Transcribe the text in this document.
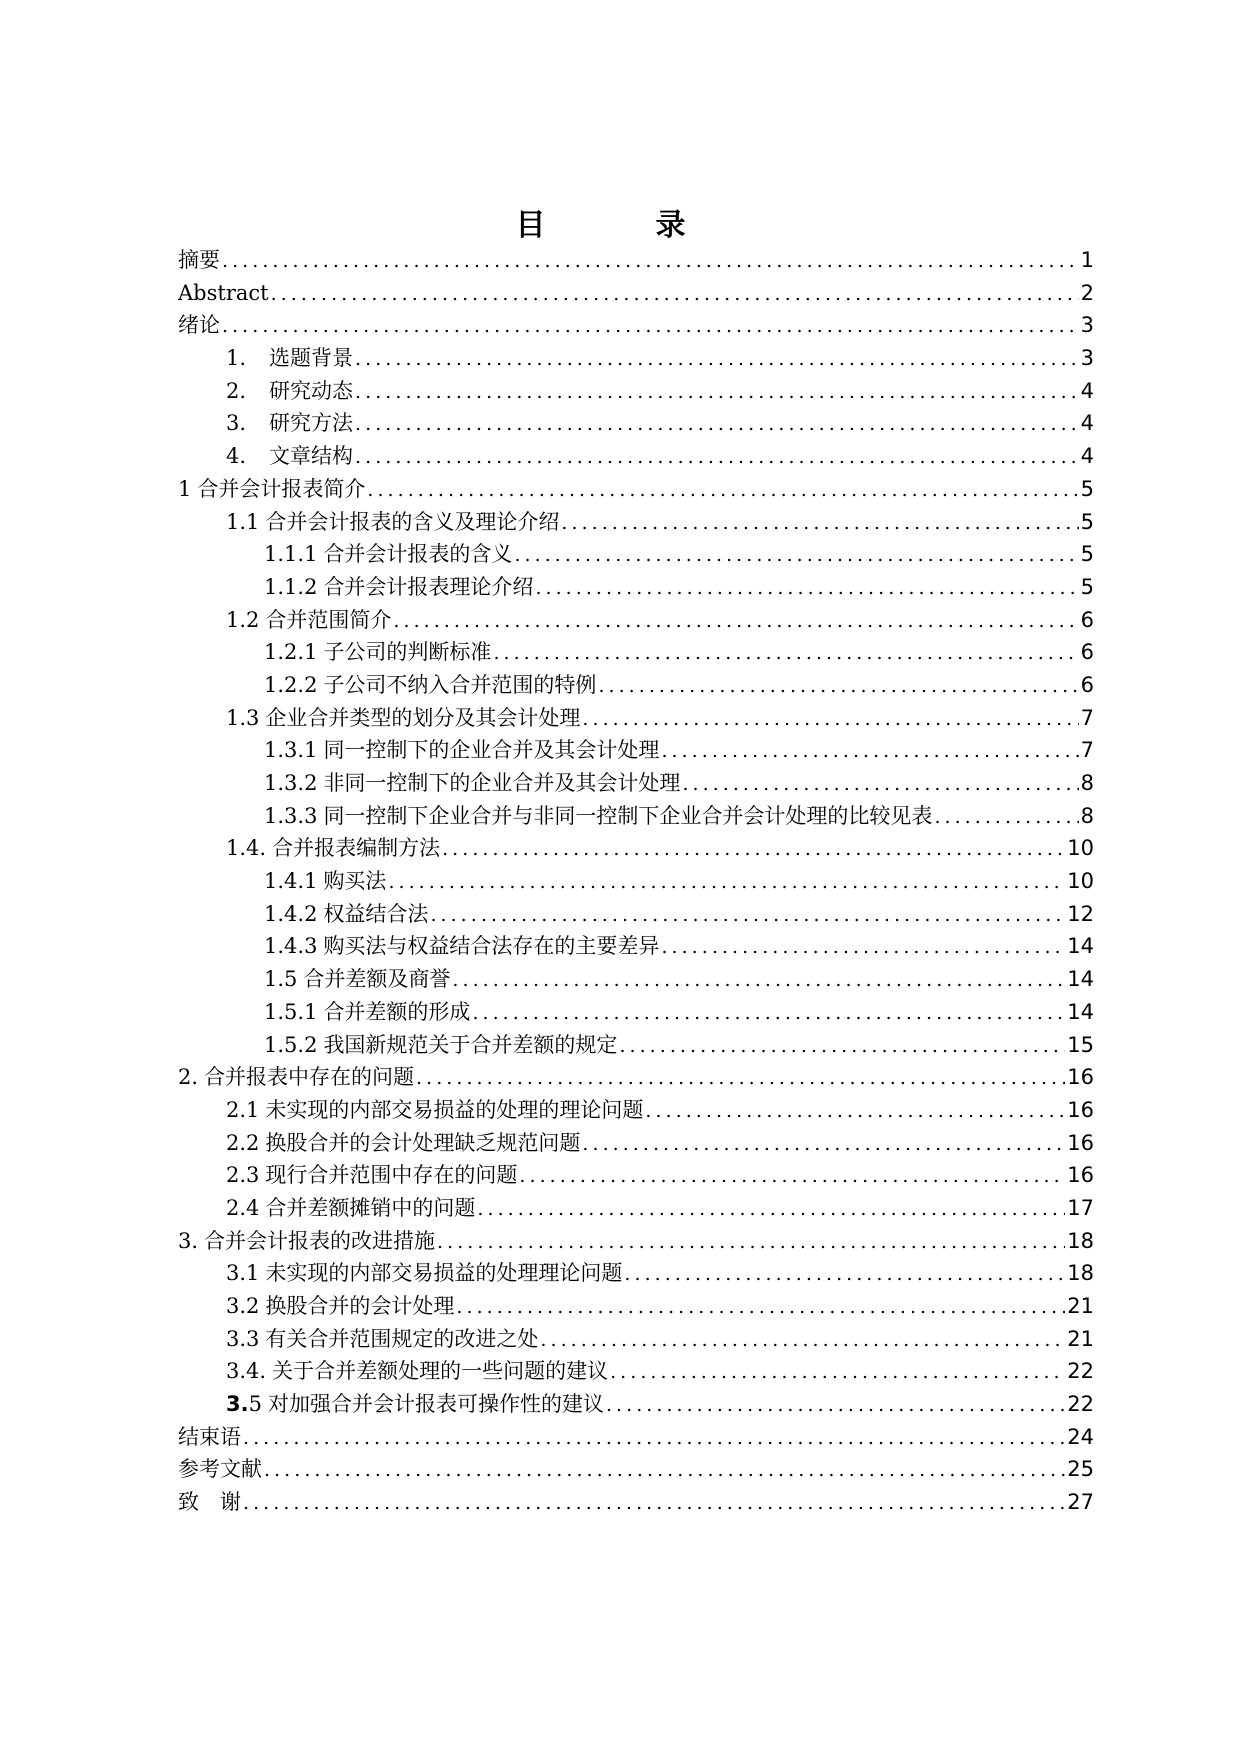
目　录
摘要 . . .	1
Abstract . . .	2
绪论 . . .	3
1. 选题背景 . . .	3
2. 研究动态 . . .	4
3. 研究方法 . . .	4
4. 文章结构 . . .	4
1 合并会计报表简介 . . .	5
1.1 合并会计报表的含义及理论介绍 . . .	5
1.1.1 合并会计报表的含义 . . .	5
1.1.2 合并会计报表理论介绍 . . .	5
1.2 合并范围简介 . . .	6
1.2.1 子公司的判断标准 . . .	6
1.2.2 子公司不纳入合并范围的特例 . . .	6
1.3 企业合并类型的划分及其会计处理 . . .	7
1.3.1 同一控制下的企业合并及其会计处理 . . .	7
1.3.2 非同一控制下的企业合并及其会计处理 . . .	8
1.3.3 同一控制下企业合并与非同一控制下企业合并会计处理的比较见表 . . .	8
1.4. 合并报表编制方法 . . .	10
1.4.1 购买法 . . .	10
1.4.2 权益结合法 . . .	12
1.4.3 购买法与权益结合法存在的主要差异 . . .	14
1.5 合并差额及商誉 . . .	14
1.5.1 合并差额的形成 . . .	14
1.5.2 我国新规范关于合并差额的规定 . . .	15
2. 合并报表中存在的问题 . . .	16
2.1 未实现的内部交易损益的处理的理论问题 . . .	16
2.2 换股合并的会计处理缺乏规范问题 . . .	16
2.3 现行合并范围中存在的问题 . . .	16
2.4 合并差额摊销中的问题 . . .	17
3. 合并会计报表的改进措施 . . .	18
3.1 未实现的内部交易损益的处理理论问题 . . .	18
3.2 换股合并的会计处理 . . .	21
3.3 有关合并范围规定的改进之处 . . .	21
3.4. 关于合并差额处理的一些问题的建议 . . .	22
3.5 对加强合并会计报表可操作性的建议 . . .	22
结束语 . . .	24
参考文献 . . .	25
致　谢 . . .	27
